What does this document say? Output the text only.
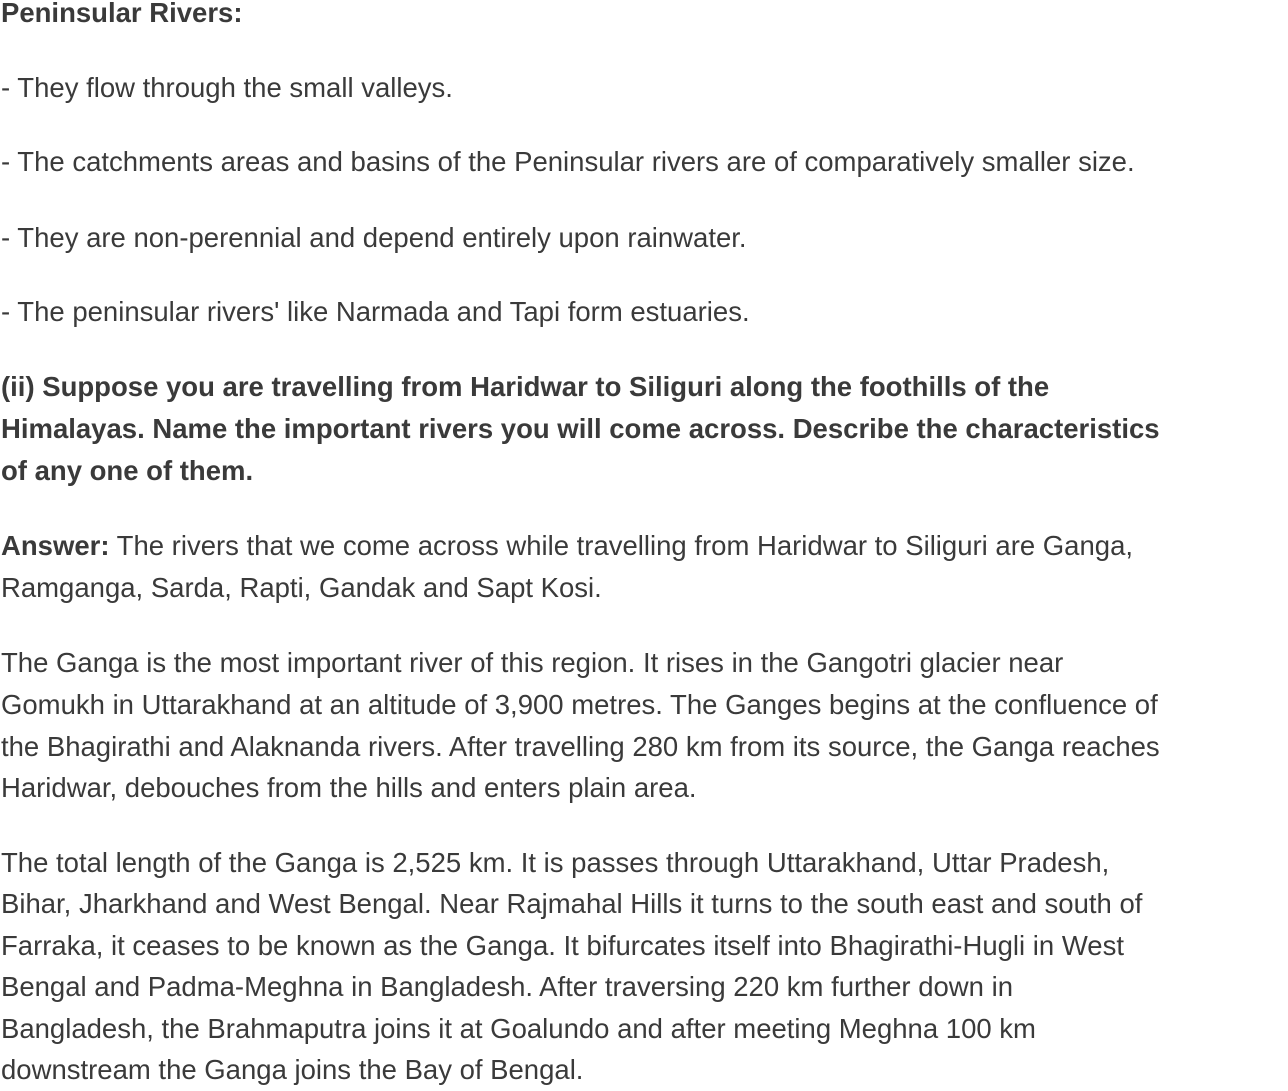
Peninsular Rivers:

- They flow through the small valleys.

- The catchments areas and basins of the Peninsular rivers are of comparatively smaller size.

- They are non-perennial and depend entirely upon rainwater.

- The peninsular rivers' like Narmada and Tapi form estuaries.

(ii) Suppose you are travelling from Haridwar to Siliguri along the foothills of the

Himalayas. Name the important rivers you will come across. Describe the characteristics

of any one of them.

Answer: The rivers that we come across while travelling from Haridwar to Siliguri are Ganga,

Ramganga, Sarda, Rapti, Gandak and Sapt Kosi.

The Ganga is the most important river of this region. It rises in the Gangotri glacier near

Gomukh in Uttarakhand at an altitude of 3,900 metres. The Ganges begins at the confluence of

the Bhagirathi and Alaknanda rivers. After travelling 280 km from its source, the Ganga reaches

Haridwar, debouches from the hills and enters plain area.

The total length of the Ganga is 2,525 km. It is passes through Uttarakhand, Uttar Pradesh,

Bihar, Jharkhand and West Bengal. Near Rajmahal Hills it turns to the south east and south of

Farraka, it ceases to be known as the Ganga. It bifurcates itself into Bhagirathi-Hugli in West

Bengal and Padma-Meghna in Bangladesh. After traversing 220 km further down in

Bangladesh, the Brahmaputra joins it at Goalundo and after meeting Meghna 100 km

downstream the Ganga joins the Bay of Bengal.
